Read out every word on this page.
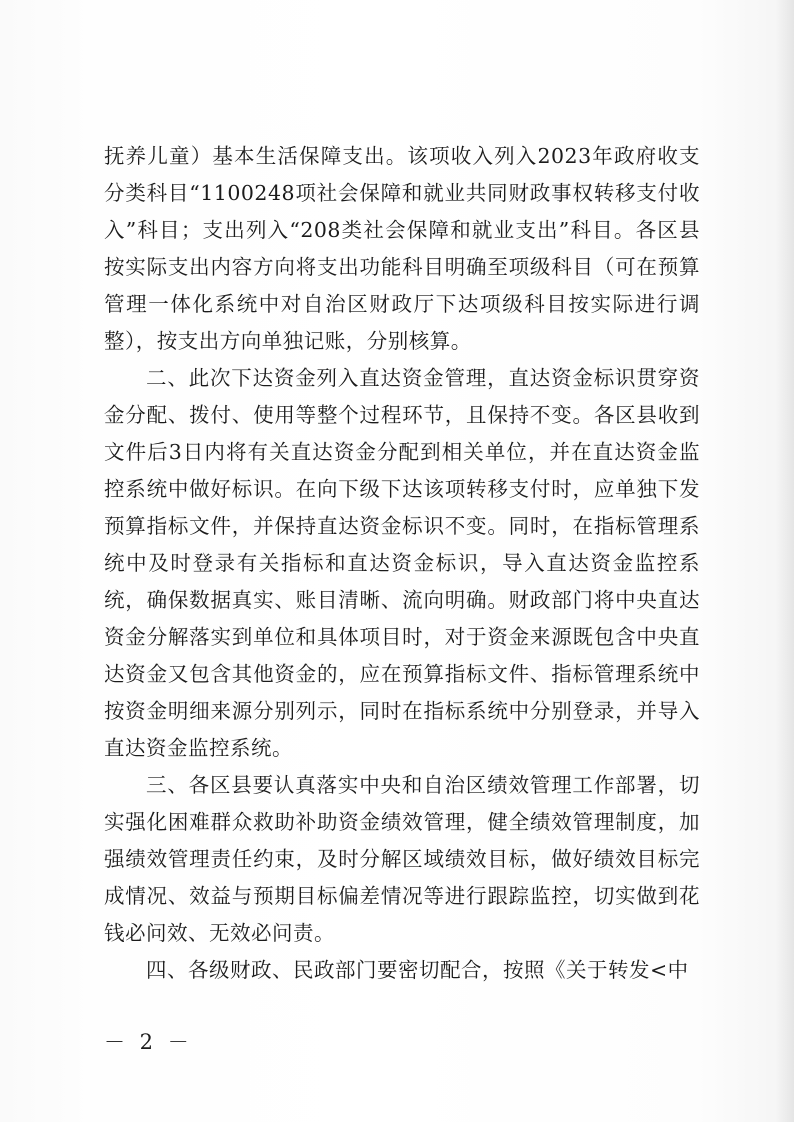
抚养儿童）基本生活保障支出。该项收入列入2023年政府收支分类科目“1100248项社会保障和就业共同财政事权转移支付收入”科目；支出列入“208类社会保障和就业支出”科目。各区县按实际支出内容方向将支出功能科目明确至项级科目（可在预算管理一体化系统中对自治区财政厅下达项级科目按实际进行调整），按支出方向单独记账，分别核算。

二、此次下达资金列入直达资金管理，直达资金标识贯穿资金分配、拨付、使用等整个过程环节，且保持不变。各区县收到文件后3日内将有关直达资金分配到相关单位，并在直达资金监控系统中做好标识。在向下级下达该项转移支付时，应单独下发预算指标文件，并保持直达资金标识不变。同时，在指标管理系统中及时登录有关指标和直达资金标识，导入直达资金监控系统，确保数据真实、账目清晰、流向明确。财政部门将中央直达资金分解落实到单位和具体项目时，对于资金来源既包含中央直达资金又包含其他资金的，应在预算指标文件、指标管理系统中按资金明细来源分别列示，同时在指标系统中分别登录，并导入直达资金监控系统。

三、各区县要认真落实中央和自治区绩效管理工作部署，切实强化困难群众救助补助资金绩效管理，健全绩效管理制度，加强绩效管理责任约束，及时分解区域绩效目标，做好绩效目标完成情况、效益与预期目标偏差情况等进行跟踪监控，切实做到花钱必问效、无效必问责。

四、各级财政、民政部门要密切配合，按照《关于转发<中

－ 2 －
